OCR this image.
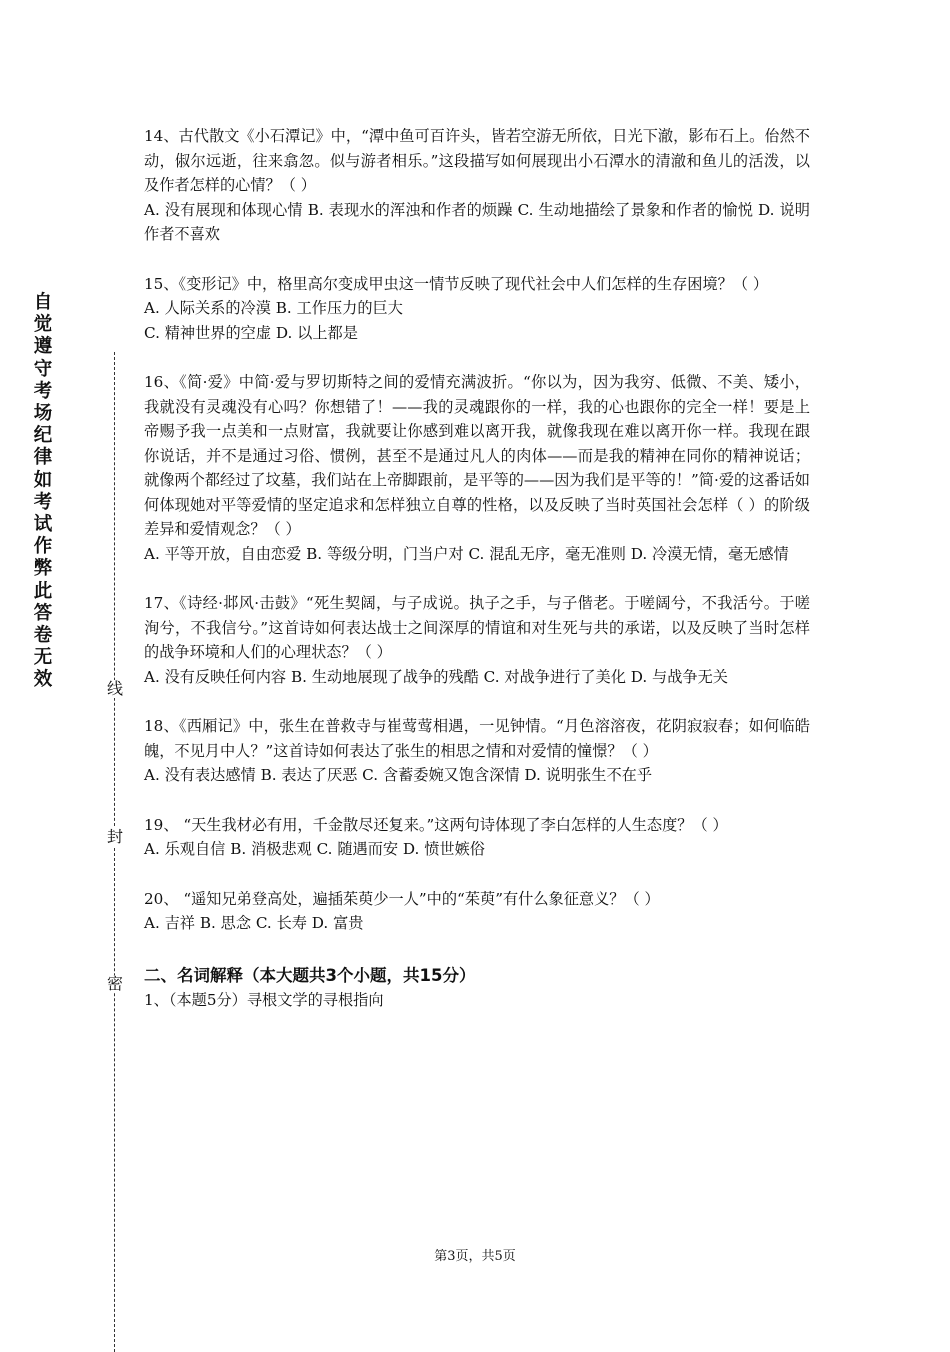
自
觉
遵
守
考
场
纪
律
如
考
试
作
弊
此
答
卷
无
效	线
封
密

14、古代散文《小石潭记》中，“潭中鱼可百许头，皆若空游无所依，日光下澈，影布石上。佁然不动，俶尔远逝，往来翕忽。似与游者相乐。”这段描写如何展现出小石潭水的清澈和鱼儿的活泼，以及作者怎样的心情？（ ）

A. 没有展现和体现心情 B. 表现水的浑浊和作者的烦躁 C. 生动地描绘了景象和作者的愉悦 D. 说明作者不喜欢

15、《变形记》中，格里高尔变成甲虫这一情节反映了现代社会中人们怎样的生存困境？（ ）

A. 人际关系的冷漠 B. 工作压力的巨大

C. 精神世界的空虚 D. 以上都是

16、《简·爱》中简·爱与罗切斯特之间的爱情充满波折。“你以为，因为我穷、低微、不美、矮小，我就没有灵魂没有心吗？你想错了！——我的灵魂跟你的一样，我的心也跟你的完全一样！要是上帝赐予我一点美和一点财富，我就要让你感到难以离开我，就像我现在难以离开你一样。我现在跟你说话，并不是通过习俗、惯例，甚至不是通过凡人的肉体——而是我的精神在同你的精神说话；就像两个都经过了坟墓，我们站在上帝脚跟前，是平等的——因为我们是平等的！”简·爱的这番话如何体现她对平等爱情的坚定追求和怎样独立自尊的性格，以及反映了当时英国社会怎样（ ）的阶级差异和爱情观念？（ ）

A. 平等开放，自由恋爱 B. 等级分明，门当户对 C. 混乱无序，毫无准则 D. 冷漠无情，毫无感情

17、《诗经·邶风·击鼓》“死生契阔，与子成说。执子之手，与子偕老。于嗟阔兮，不我活兮。于嗟洵兮，不我信兮。”这首诗如何表达战士之间深厚的情谊和对生死与共的承诺，以及反映了当时怎样的战争环境和人们的心理状态？（ ）

A. 没有反映任何内容 B. 生动地展现了战争的残酷 C. 对战争进行了美化 D. 与战争无关

18、《西厢记》中，张生在普救寺与崔莺莺相遇，一见钟情。“月色溶溶夜，花阴寂寂春；如何临皓魄，不见月中人？”这首诗如何表达了张生的相思之情和对爱情的憧憬？（ ）

A. 没有表达感情 B. 表达了厌恶 C. 含蓄委婉又饱含深情 D. 说明张生不在乎

19、 “天生我材必有用，千金散尽还复来。”这两句诗体现了李白怎样的人生态度？（ ）

A. 乐观自信 B. 消极悲观 C. 随遇而安 D. 愤世嫉俗

20、 “遥知兄弟登高处，遍插茱萸少一人”中的“茱萸”有什么象征意义？（ ）

A. 吉祥 B. 思念 C. 长寿 D. 富贵

二、名词解释（本大题共3个小题，共15分）

1、（本题5分）寻根文学的寻根指向

第3页，共5页
